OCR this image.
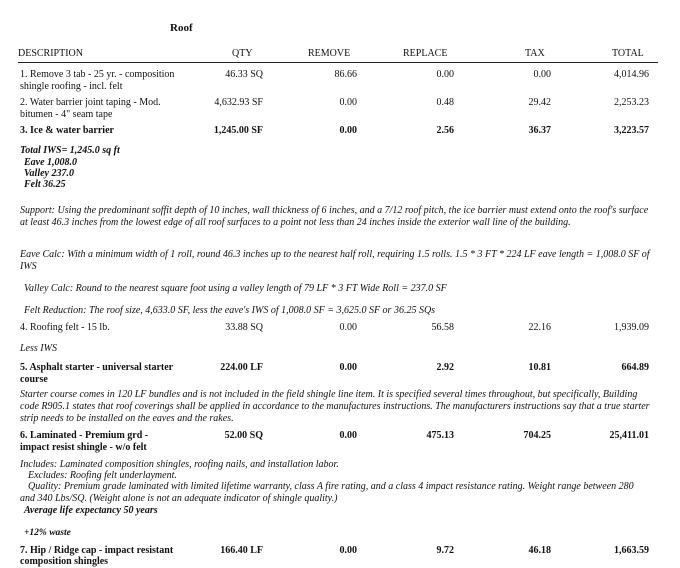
Roof
DESCRIPTION	QTY	REMOVE	REPLACE	TAX	TOTAL
1. Remove 3 tab - 25 yr. - composition
shingle roofing - incl. felt
46.33 SQ	86.66	0.00	0.00	4,014.96
2. Water barrier joint taping - Mod.
bitumen - 4" seam tape
4,632.93 SF	0.00	0.48	29.42	2,253.23
3. Ice & water barrier	1,245.00 SF	0.00	2.56	36.37	3,223.57
Total IWS= 1,245.0 sq ft
Eave 1,008.0
Valley 237.0
Felt 36.25
Support: Using the predominant soffit depth of 10 inches, wall thickness of 6 inches, and a 7/12 roof pitch, the ice barrier must extend onto the roof's surface at least 46.3 inches from the lowest edge of all roof surfaces to a point not less than 24 inches inside the exterior wall line of the building.
Eave Calc: With a minimum width of 1 roll, round 46.3 inches up to the nearest half roll, requiring 1.5 rolls. 1.5 * 3 FT * 224 LF eave length = 1,008.0 SF of IWS
Valley Calc: Round to the nearest square foot using a valley length of 79 LF * 3 FT Wide Roll = 237.0 SF
Felt Reduction: The roof size, 4,633.0 SF, less the eave's IWS of 1,008.0 SF = 3,625.0 SF or 36.25 SQs
4. Roofing felt - 15 lb.	33.88 SQ	0.00	56.58	22.16	1,939.09
Less IWS
5. Asphalt starter - universal starter
course
224.00 LF	0.00	2.92	10.81	664.89
Starter course comes in 120 LF bundles and is not included in the field shingle line item. It is specified several times throughout, but specifically, Building code R905.1 states that roof coverings shall be applied in accordance to the manufactures instructions. The manufacturers instructions say that a true starter strip needs to be installed on the eaves and the rakes.
6. Laminated - Premium grd -
impact resist shingle - w/o felt
52.00 SQ	0.00	475.13	704.25	25,411.01
Includes: Laminated composition shingles, roofing nails, and installation labor.
Excludes: Roofing felt underlayment.
Quality: Premium grade laminated with limited lifetime warranty, class A fire rating, and a class 4 impact resistance rating. Weight range between 280 and 340 Lbs/SQ. (Weight alone is not an adequate indicator of shingle quality.)
Average life expectancy 50 years
+12% waste
7. Hip / Ridge cap - impact resistant
composition shingles
166.40 LF	0.00	9.72	46.18	1,663.59
